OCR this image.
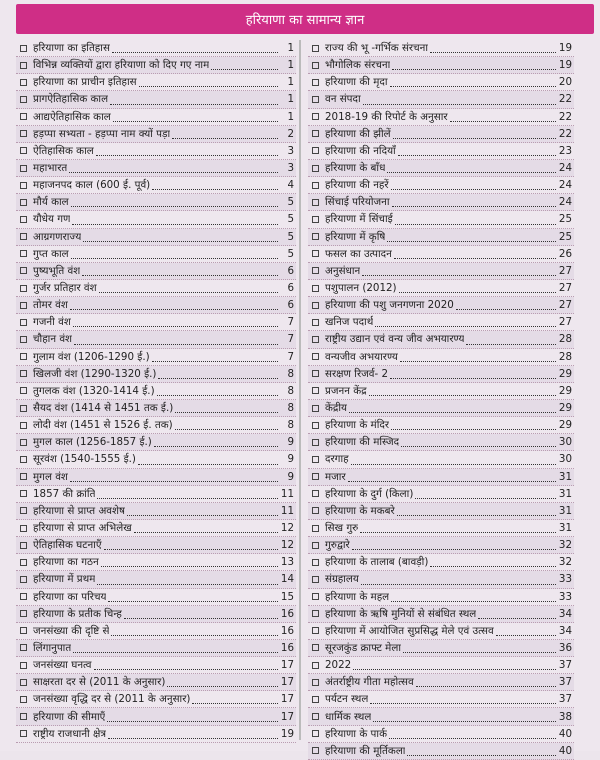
हरियाणा का सामान्य ज्ञान
हरियाणा का इतिहास	1
विभिन्न व्यक्तियों द्वारा हरियाणा को दिए गए नाम	1
हरियाणा का प्राचीन इतिहास	1
प्रागऐतिहासिक काल	1
आद्यऐतिहासिक काल	1
हड़प्पा सभ्यता - हड़प्पा नाम क्यों पड़ा	2
ऐतिहासिक काल	3
महाभारत	3
महाजनपद काल (600 ई. पूर्व)	4
मौर्य काल	5
यौधेय गण	5
आग्रगणराज्य	5
गुप्त काल	5
पुष्यभूति वंश	6
गुर्जर प्रतिहार वंश	6
तोमर वंश	6
गजनी वंश	7
चौहान वंश	7
गुलाम वंश (1206-1290 ई.)	7
खिलजी वंश (1290-1320 ई.)	8
तुगलक वंश (1320-1414 ई.)	8
सैयद वंश (1414 से 1451 तक ई.)	8
लोदी वंश (1451 से 1526 ई. तक)	8
मुगल काल (1256-1857 ई.)	9
सूरवंश (1540-1555 ई.)	9
मुगल वंश	9
1857 की क्रांति	11
हरियाणा से प्राप्त अवशेष	11
हरियाणा से प्राप्त अभिलेख	12
ऐतिहासिक घटनाएँ	12
हरियाणा का गठन	13
हरियाणा में प्रथम	14
हरियाणा का परिचय	15
हरियाणा के प्रतीक चिन्ह	16
जनसंख्या की दृष्टि से	16
लिंगानुपात	16
जनसंख्या घनत्व	17
साक्षरता दर से (2011 के अनुसार)	17
जनसंख्या वृद्धि दर से (2011 के अनुसार)	17
हरियाणा की सीमाएँ	17
राष्ट्रीय राजधानी क्षेत्र	19
राज्य की भू -गर्भिक संरचना	19
भौगोलिक संरचना	19
हरियाणा की मृदा	20
वन संपदा	22
2018-19 की रिपोर्ट के अनुसार	22
हरियाणा की झीलें	22
हरियाणा की नदियाँ	23
हरियाणा के बाँध	24
हरियाणा की नहरें	24
सिंचाई परियोजना	24
हरियाणा में सिंचाई	25
हरियाणा में कृषि	25
फसल का उत्पादन	26
अनुसंधान	27
पशुपालन (2012)	27
हरियाणा की पशु जनगणना 2020	27
खनिज पदार्थ	27
राष्ट्रीय उद्यान एवं वन्य जीव अभयारण्य	28
वन्यजीव अभयारण्य	28
सरक्षण रिजर्व- 2	29
प्रजनन केंद्र	29
केंद्रीय	29
हरियाणा के मंदिर	29
हरियाणा की मस्जिद	30
दरगाह	30
मजार	31
हरियाणा के दुर्ग (किला)	31
हरियाणा के मकबरे	31
सिख गुरु	31
गुरुद्वारे	32
हरियाणा के तालाब (बावड़ी)	32
संग्रहालय	33
हरियाणा के महल	33
हरियाणा के ऋषि मुनियों से संबंधित स्थल	34
हरियाणा में आयोजित सुप्रसिद्ध मेले एवं उत्सव	34
सूरजकुंड क्राफ्ट मेला	36
2022	37
अंतर्राष्ट्रीय गीता महोत्सव	37
पर्यटन स्थल	37
धार्मिक स्थल	38
हरियाणा के पार्क	40
हरियाणा की मूर्तिकला	40
